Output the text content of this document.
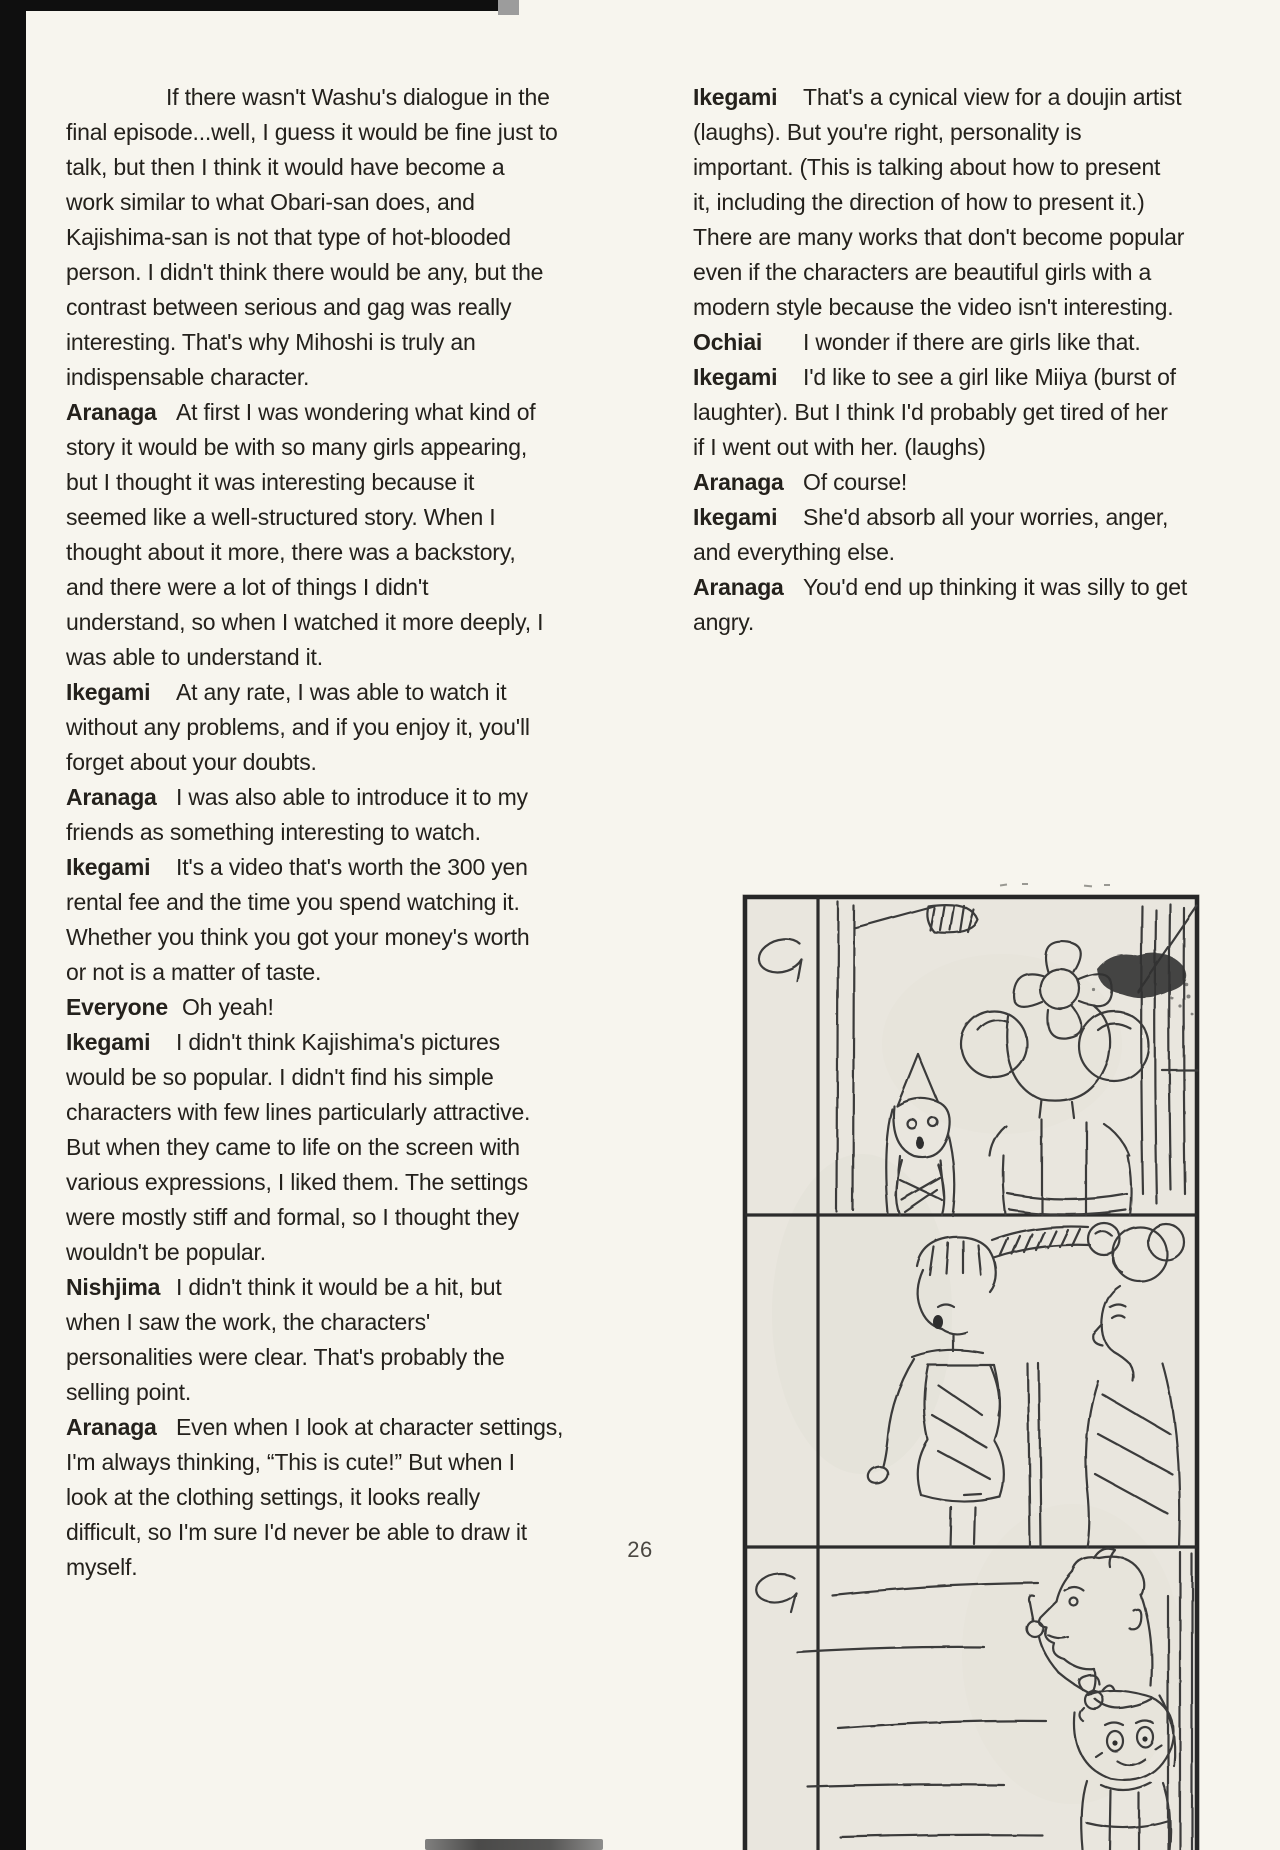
If there wasn't Washu's dialogue in the
final episode...well, I guess it would be fine just to
talk, but then I think it would have become a
work similar to what Obari-san does, and
Kajishima-san is not that type of hot-blooded
person. I didn't think there would be any, but the
contrast between serious and gag was really
interesting. That's why Mihoshi is truly an
indispensable character.
Aranaga At first I was wondering what kind of
story it would be with so many girls appearing,
but I thought it was interesting because it
seemed like a well-structured story. When I
thought about it more, there was a backstory,
and there were a lot of things I didn't
understand, so when I watched it more deeply, I
was able to understand it.
Ikegami At any rate, I was able to watch it
without any problems, and if you enjoy it, you'll
forget about your doubts.
Aranaga I was also able to introduce it to my
friends as something interesting to watch.
Ikegami It's a video that's worth the 300 yen
rental fee and the time you spend watching it.
Whether you think you got your money's worth
or not is a matter of taste.
Everyone Oh yeah!
Ikegami I didn't think Kajishima's pictures
would be so popular. I didn't find his simple
characters with few lines particularly attractive.
But when they came to life on the screen with
various expressions, I liked them. The settings
were mostly stiff and formal, so I thought they
wouldn't be popular.
Nishjima I didn't think it would be a hit, but
when I saw the work, the characters'
personalities were clear. That's probably the
selling point.
Aranaga Even when I look at character settings,
I'm always thinking, “This is cute!” But when I
look at the clothing settings, it looks really
difficult, so I'm sure I'd never be able to draw it
myself.
Ikegami That's a cynical view for a doujin artist
(laughs). But you're right, personality is
important. (This is talking about how to present
it, including the direction of how to present it.)
There are many works that don't become popular
even if the characters are beautiful girls with a
modern style because the video isn't interesting.
Ochiai I wonder if there are girls like that.
Ikegami I'd like to see a girl like Miiya (burst of
laughter). But I think I'd probably get tired of her
if I went out with her. (laughs)
Aranaga Of course!
Ikegami She'd absorb all your worries, anger,
and everything else.
Aranaga You'd end up thinking it was silly to get
angry.
26
